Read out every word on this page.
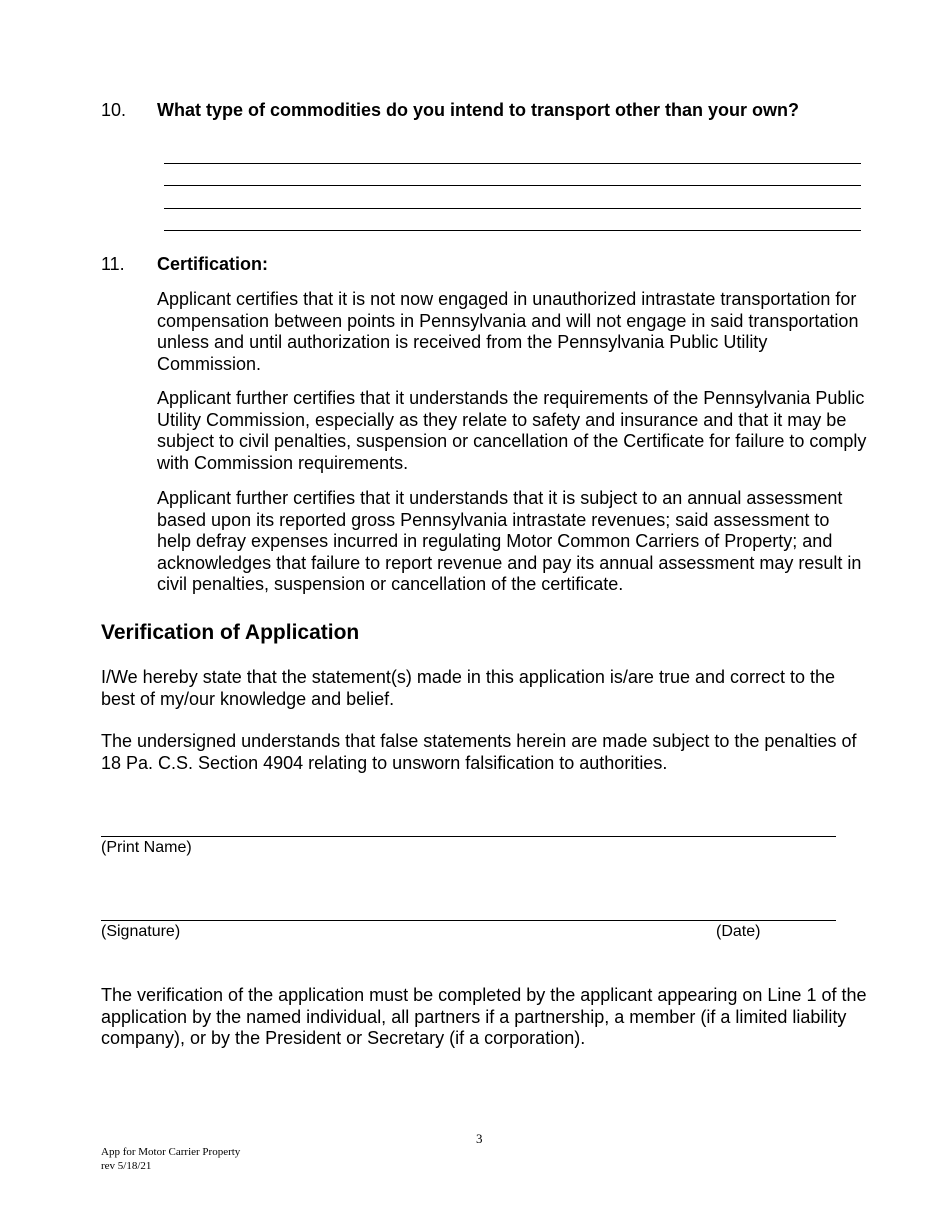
10. What type of commodities do you intend to transport other than your own?
11. Certification:

Applicant certifies that it is not now engaged in unauthorized intrastate transportation for compensation between points in Pennsylvania and will not engage in said transportation unless and until authorization is received from the Pennsylvania Public Utility Commission.

Applicant further certifies that it understands the requirements of the Pennsylvania Public Utility Commission, especially as they relate to safety and insurance and that it may be subject to civil penalties, suspension or cancellation of the Certificate for failure to comply with Commission requirements.

Applicant further certifies that it understands that it is subject to an annual assessment based upon its reported gross Pennsylvania intrastate revenues; said assessment to help defray expenses incurred in regulating Motor Common Carriers of Property; and acknowledges that failure to report revenue and pay its annual assessment may result in civil penalties, suspension or cancellation of the certificate.

Verification of Application

I/We hereby state that the statement(s) made in this application is/are true and correct to the best of my/our knowledge and belief.

The undersigned understands that false statements herein are made subject to the penalties of 18 Pa. C.S. Section 4904 relating to unsworn falsification to authorities.

(Print Name)
(Signature)	(Date)

The verification of the application must be completed by the applicant appearing on Line 1 of the application by the named individual, all partners if a partnership, a member (if a limited liability company), or by the President or Secretary (if a corporation).

3
App for Motor Carrier Property
rev 5/18/21
